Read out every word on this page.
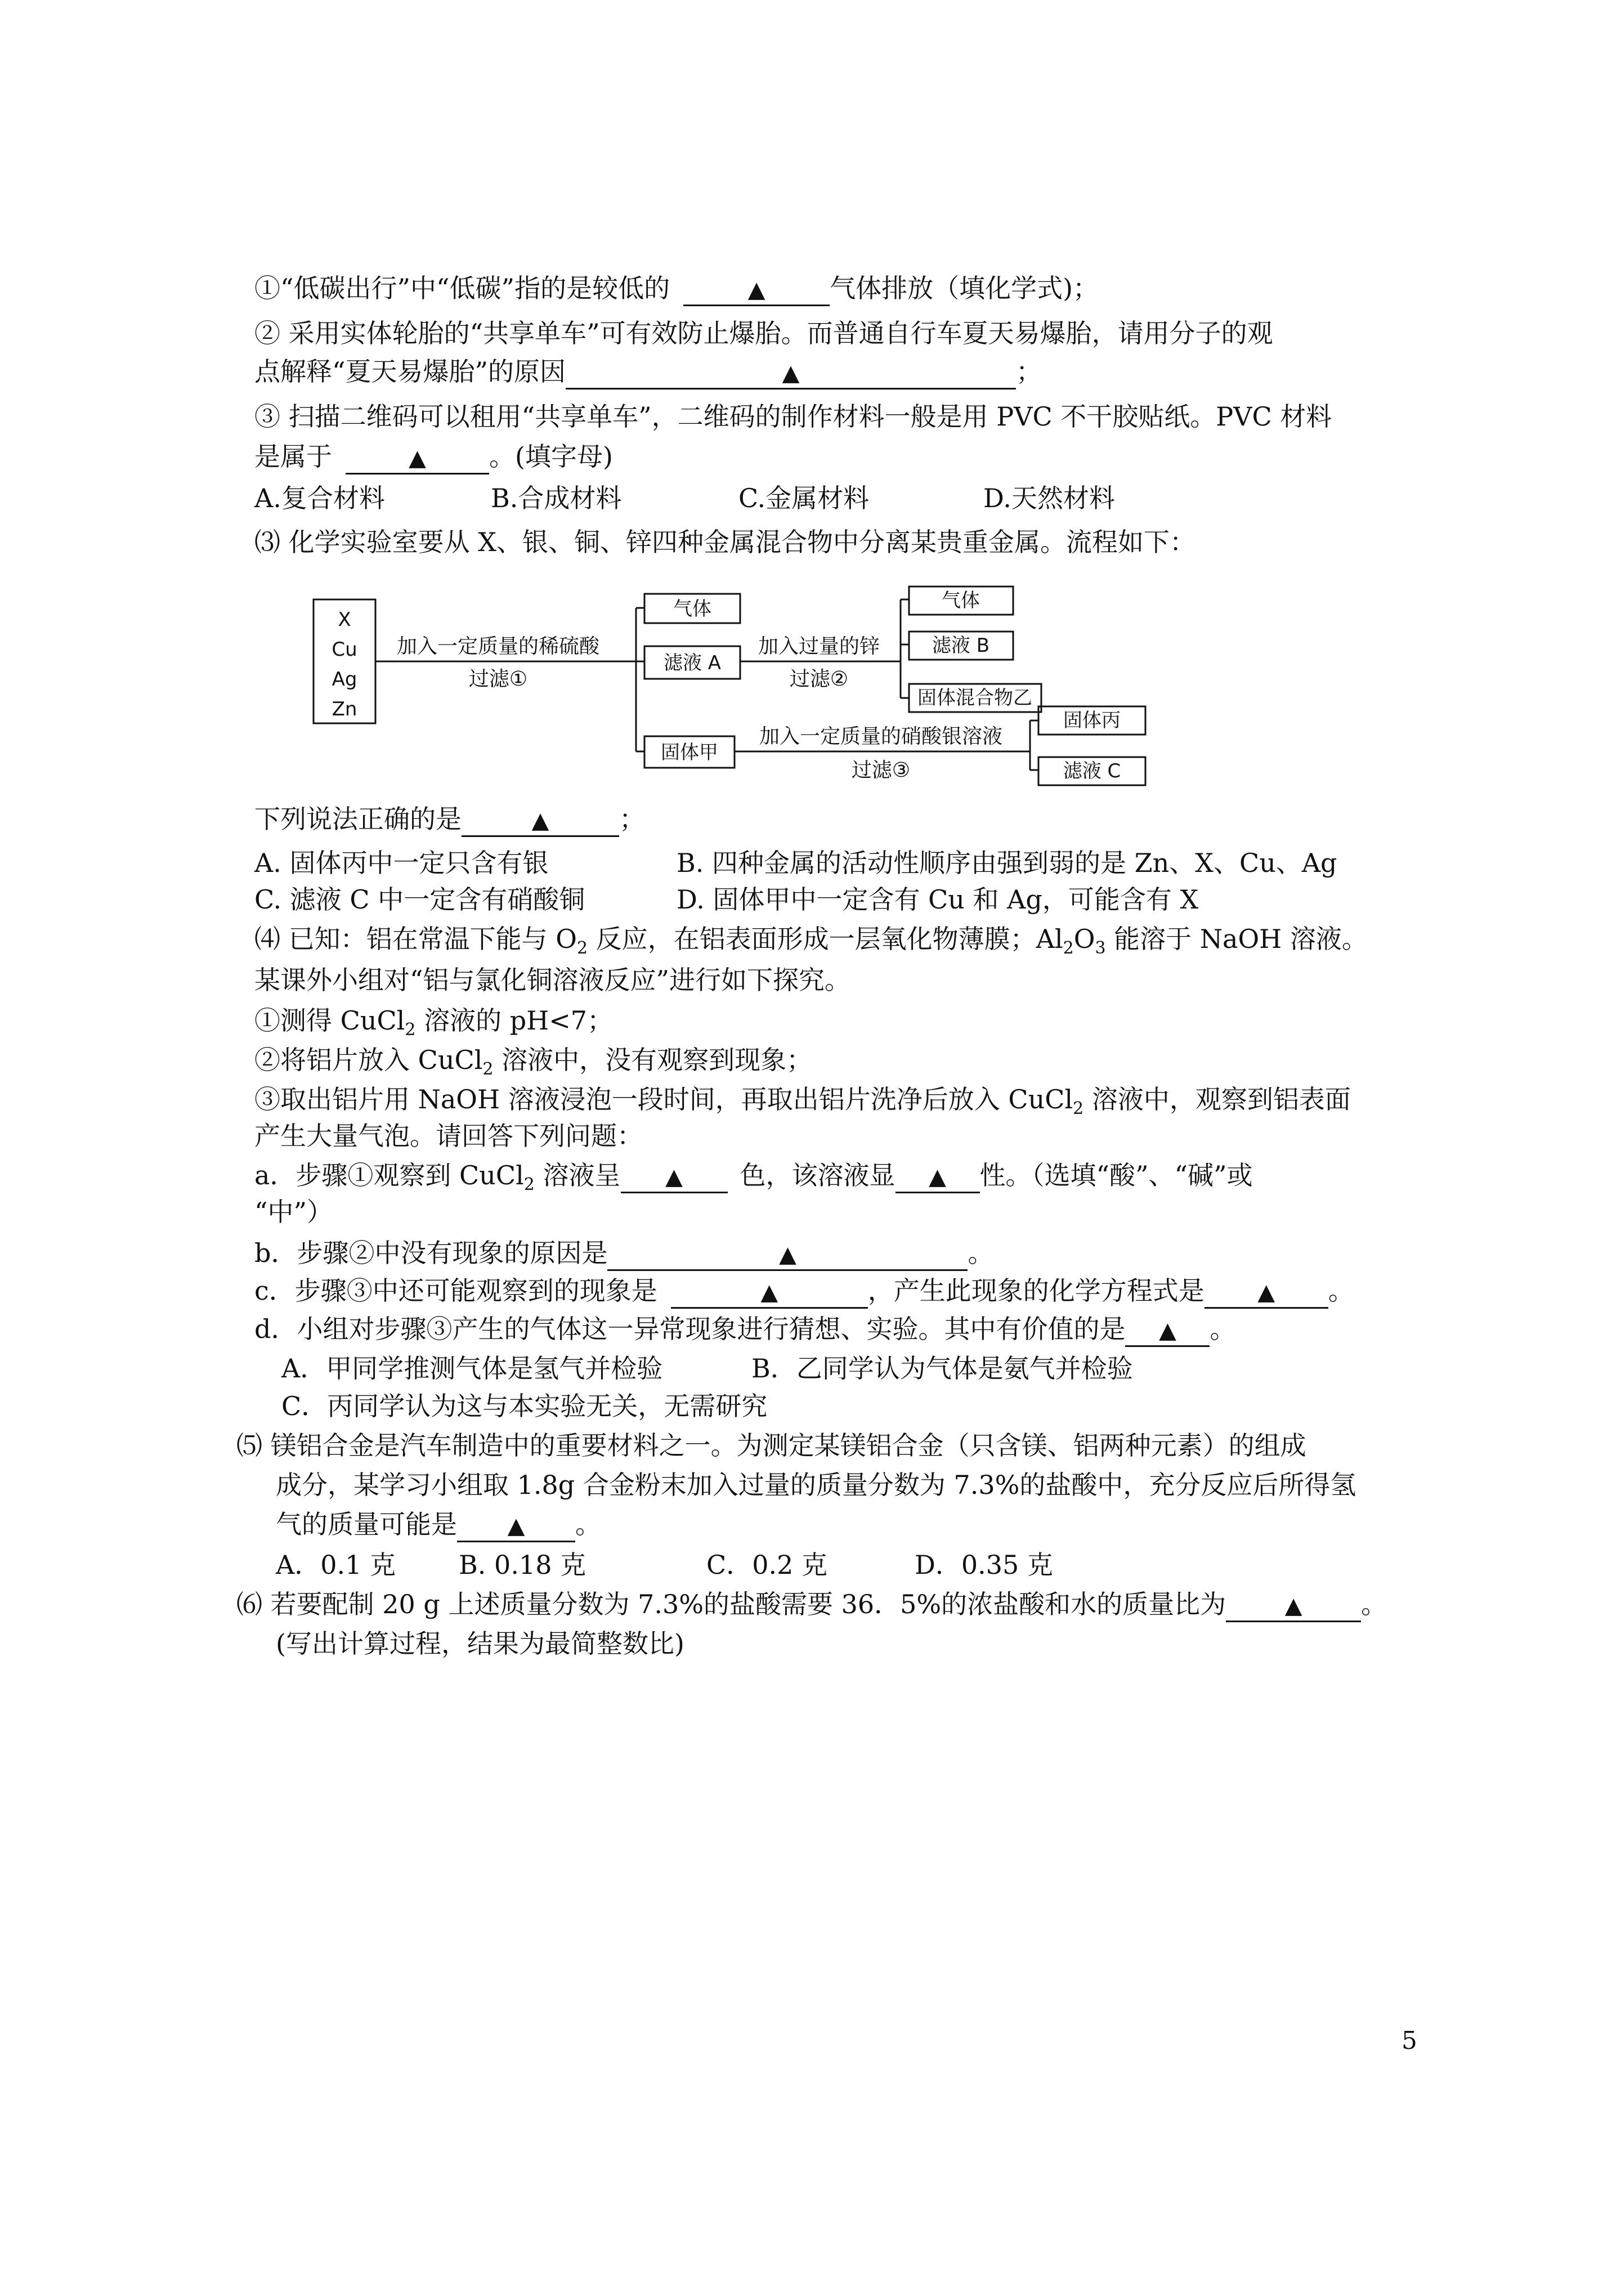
①“低碳出行”中“低碳”指的是较低的	▲ 气体排放（填化学式)；
② 采用实体轮胎的“共享单车”可有效防止爆胎。而普通自行车夏天易爆胎，请用分子的观
点解释“夏天易爆胎”的原因	▲	；
③ 扫描二维码可以租用“共享单车”，二维码的制作材料一般是用 PVC 不干胶贴纸。PVC 材料
是属于	▲ 。(填字母)
A.复合材料	B.合成材料	C.金属材料	D.天然材料
⑶ 化学实验室要从 X、银、铜、锌四种金属混合物中分离某贵重金属。流程如下：
X
Cu
Ag
Zn
加入一定质量的稀硫酸
过滤①
气体
滤液 A
固体甲
加入过量的锌
过滤②
气体
滤液 B
固体混合物乙
加入一定质量的硝酸银溶液
过滤③
固体丙
滤液 C
下列说法正确的是	▲	；
A. 固体丙中一定只含有银	B. 四种金属的活动性顺序由强到弱的是 Zn、X、Cu、Ag
C. 滤液 C 中一定含有硝酸铜	D. 固体甲中一定含有 Cu 和 Ag，可能含有 X
⑷ 已知：铝在常温下能与 $O_2$ 反应，在铝表面形成一层氧化物薄膜；$Al_2O_3$ 能溶于 NaOH 溶液。
某课外小组对“铝与氯化铜溶液反应”进行如下探究。
①测得 CuCl$_2$ 溶液的 pH<7；
②将铝片放入 CuCl$_2$ 溶液中，没有观察到现象；
③取出铝片用 NaOH 溶液浸泡一段时间，再取出铝片洗净后放入 CuCl$_2$ 溶液中，观察到铝表面
产生大量气泡。请回答下列问题：
a．步骤①观察到 CuCl$_2$ 溶液呈 ▲ 色，该溶液显 ▲ 性。（选填“酸”、“碱”或
“中”）
b．步骤②中没有现象的原因是	▲	。
c．步骤③中还可能观察到的现象是	▲	，产生此现象的化学方程式是 ▲ 。
d．小组对步骤③产生的气体这一异常现象进行猜想、实验。其中有价值的是 ▲ 。
A．甲同学推测气体是氢气并检验	B．乙同学认为气体是氨气并检验
C．丙同学认为这与本实验无关，无需研究
⑸ 镁铝合金是汽车制造中的重要材料之一。为测定某镁铝合金（只含镁、铝两种元素）的组成
成分，某学习小组取 1.8g 合金粉末加入过量的质量分数为 7.3%的盐酸中，充分反应后所得氢
气的质量可能是 ▲ 。
A．0.1 克 B. 0.18 克	C．0.2 克	D．0.35 克
⑹ 若要配制 20 g 上述质量分数为 7.3%的盐酸需要 36．5%的浓盐酸和水的质量比为	▲ 。
(写出计算过程，结果为最简整数比)
5
